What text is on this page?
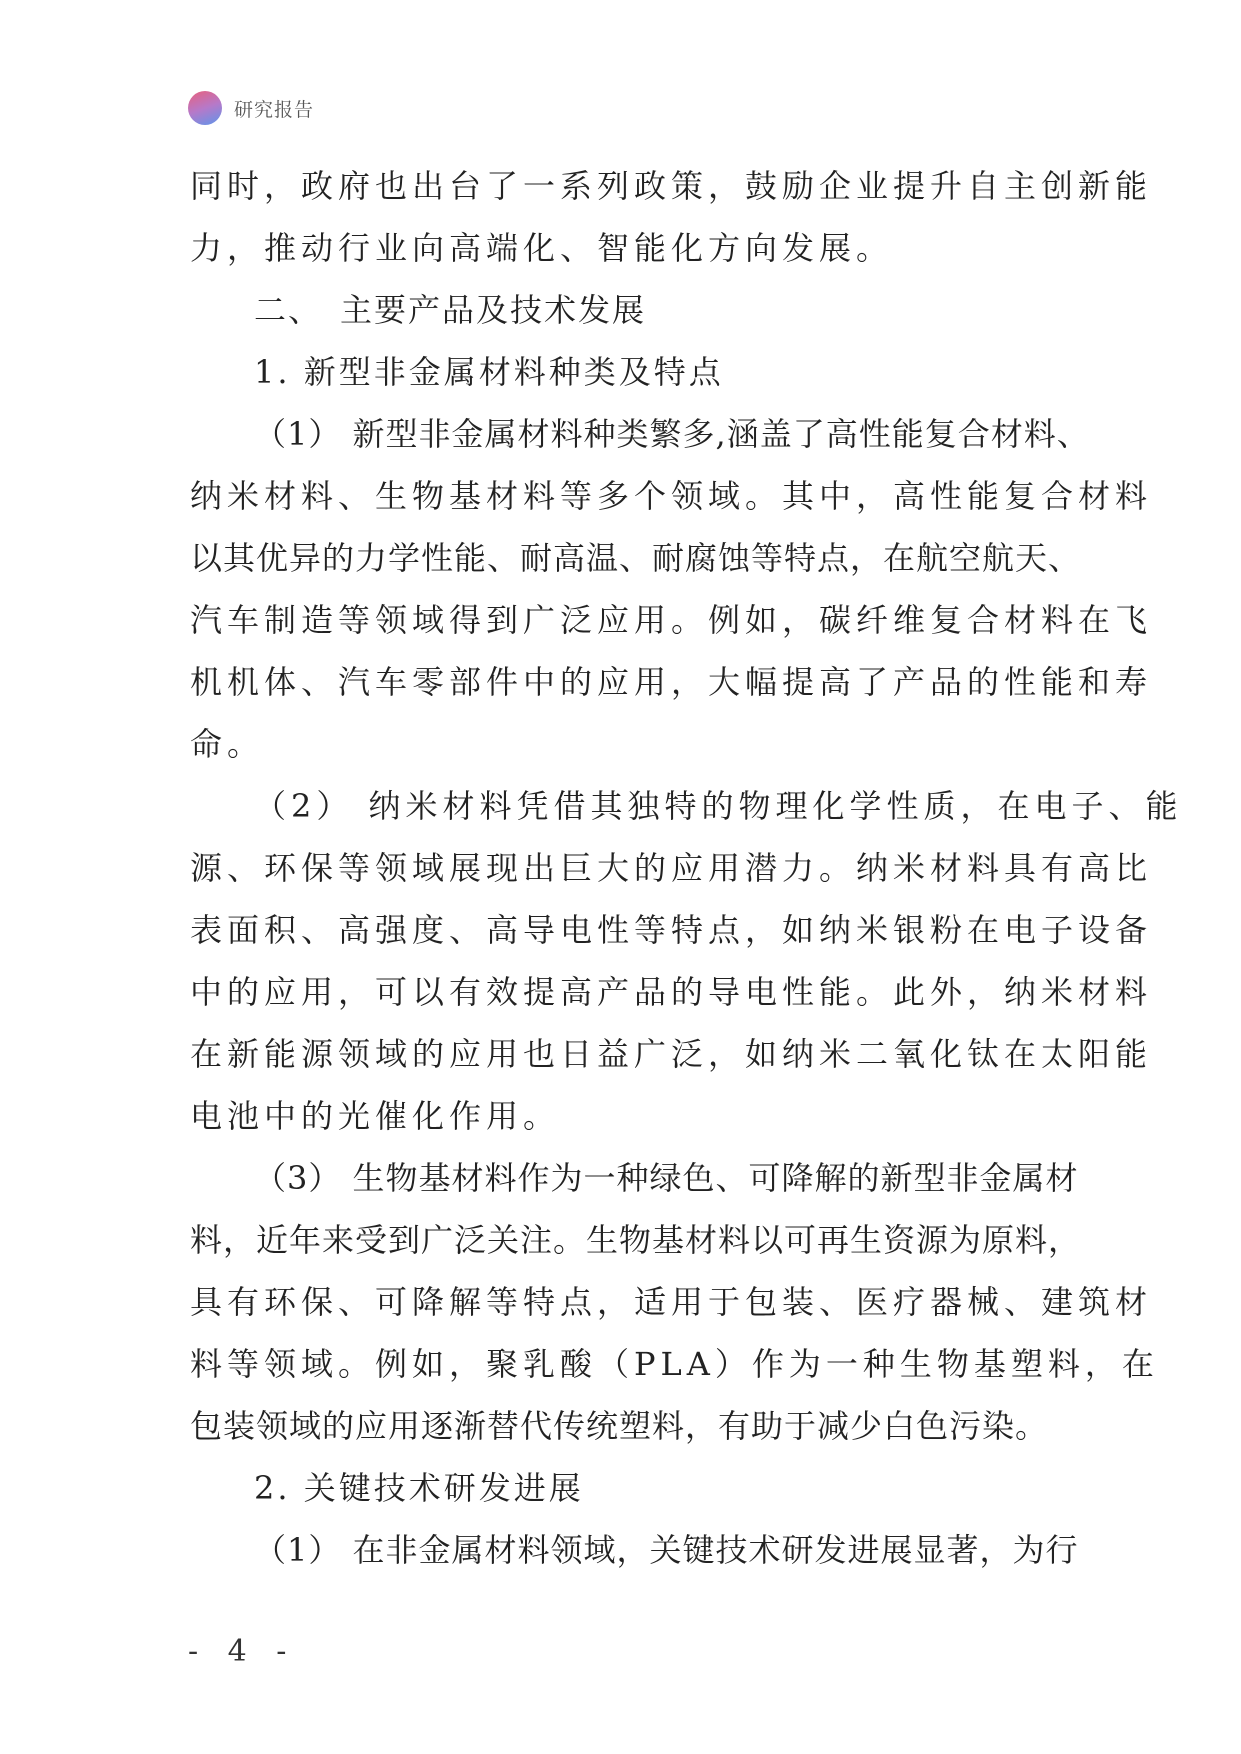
研究报告
同时，政府也出台了一系列政策，鼓励企业提升自主创新能
力，推动行业向高端化、智能化方向发展。
二、　主要产品及技术发展
1. 新型非金属材料种类及特点
（1） 新型非金属材料种类繁多,涵盖了高性能复合材料、
纳米材料、生物基材料等多个领域。其中，高性能复合材料
以其优异的力学性能、耐高温、耐腐蚀等特点，在航空航天、
汽车制造等领域得到广泛应用。例如，碳纤维复合材料在飞
机机体、汽车零部件中的应用，大幅提高了产品的性能和寿
命。
（2） 纳米材料凭借其独特的物理化学性质，在电子、能
源、环保等领域展现出巨大的应用潜力。纳米材料具有高比
表面积、高强度、高导电性等特点，如纳米银粉在电子设备
中的应用，可以有效提高产品的导电性能。此外，纳米材料
在新能源领域的应用也日益广泛，如纳米二氧化钛在太阳能
电池中的光催化作用。
（3） 生物基材料作为一种绿色、可降解的新型非金属材
料，近年来受到广泛关注。生物基材料以可再生资源为原料，
具有环保、可降解等特点，适用于包装、医疗器械、建筑材
料等领域。例如，聚乳酸（PLA）作为一种生物基塑料，在
包装领域的应用逐渐替代传统塑料，有助于减少白色污染。
2. 关键技术研发进展
（1） 在非金属材料领域，关键技术研发进展显著，为行
- 4 -
